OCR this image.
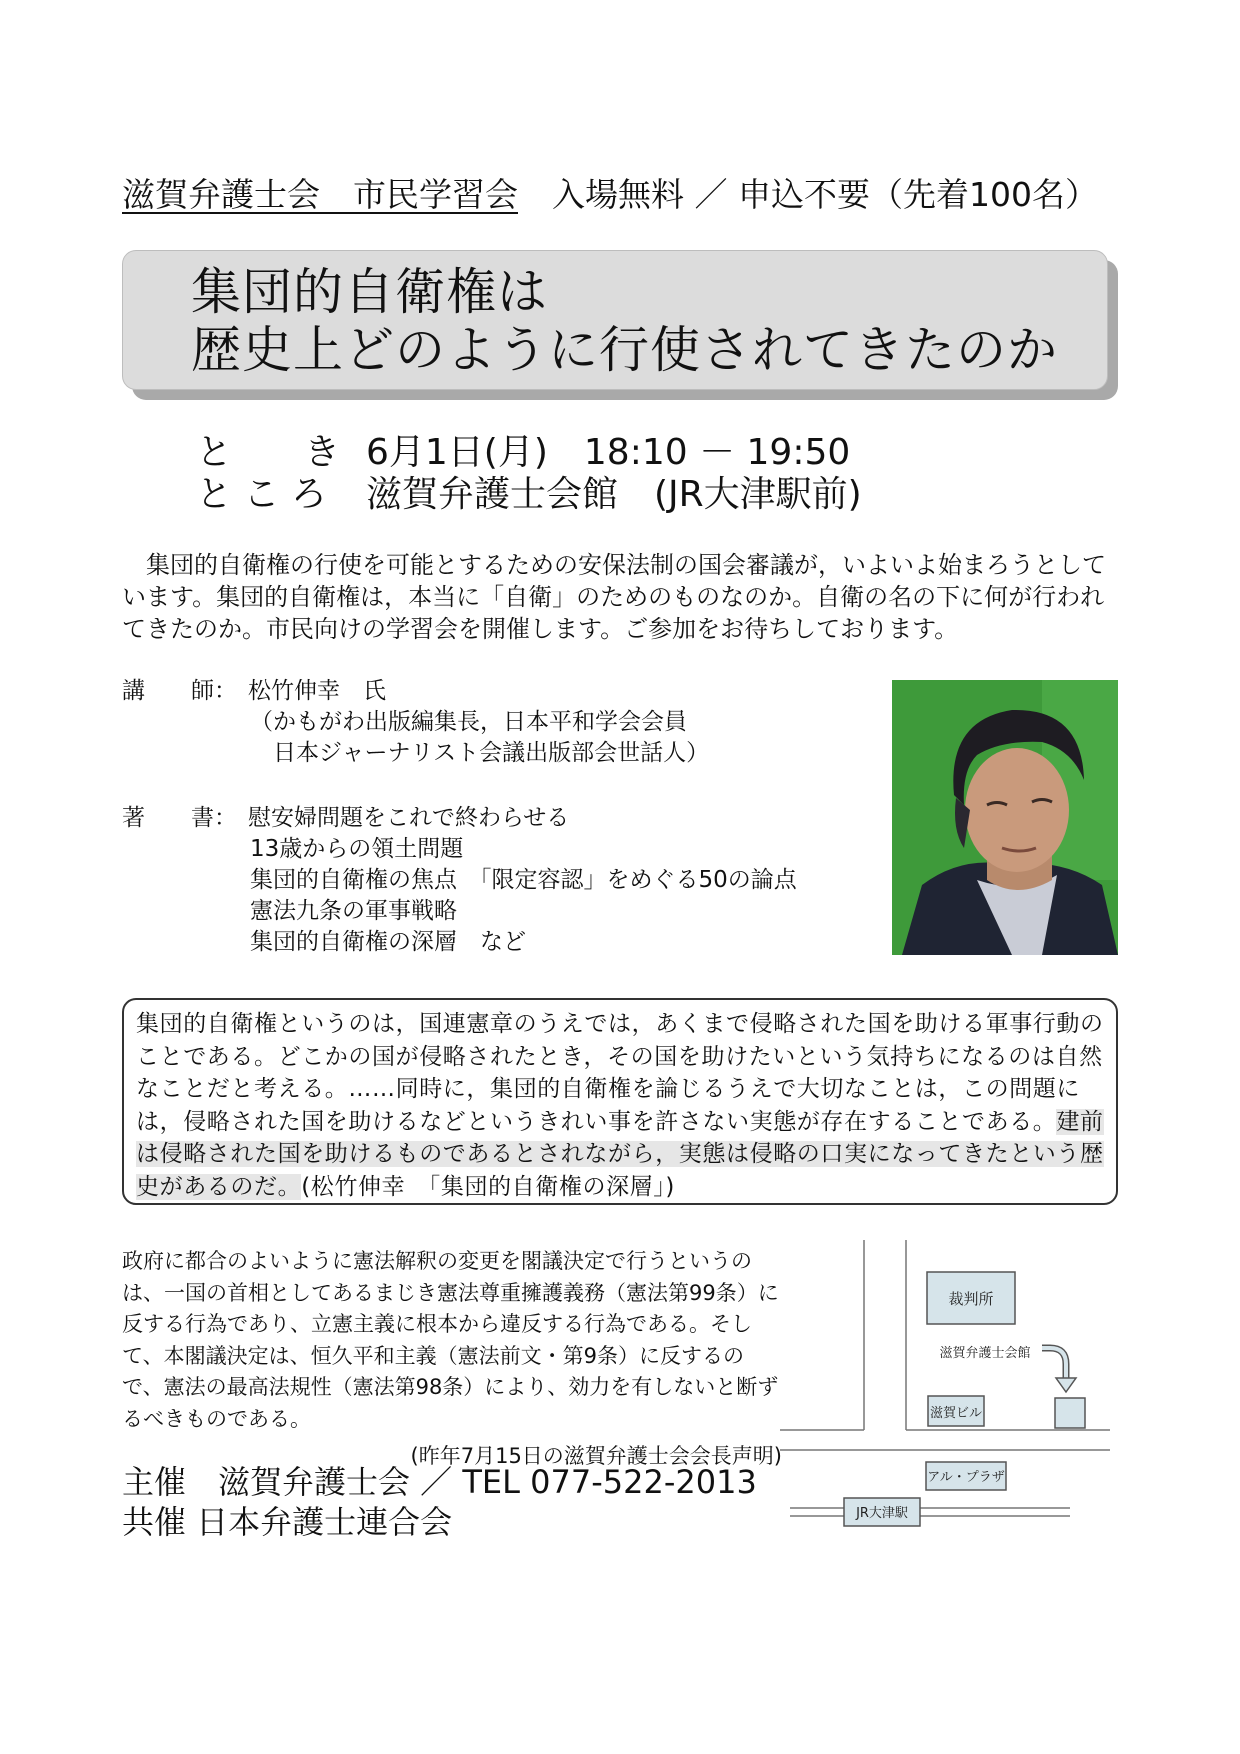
滋賀弁護士会　市民学習会 入場無料 ／ 申込不要（先着100名）
集団的自衛権は
歴史上どのように行使されてきたのか
と　　き 6月1日(月)　18:10 － 19:50
と こ ろ 滋賀弁護士会館　(JR大津駅前)

　集団的自衛権の行使を可能とするための安保法制の国会審議が，いよいよ始まろうとしています。集団的自衛権は，本当に「自衛」のためのものなのか。自衛の名の下に何が行われてきたのか。市民向けの学習会を開催します。ご参加をお待ちしております。

講　　師： 松竹伸幸　氏
（かもがわ出版編集長，日本平和学会会員
　日本ジャーナリスト会議出版部会世話人）
著　　書： 慰安婦問題をこれで終わらせる
13歳からの領土問題
集団的自衛権の焦点　「限定容認」をめぐる50の論点
憲法九条の軍事戦略
集団的自衛権の深層　など

集団的自衛権というのは，国連憲章のうえでは，あくまで侵略された国を助ける軍事行動のことである。どこかの国が侵略されたとき，その国を助けたいという気持ちになるのは自然なことだと考える。……同時に，集団的自衛権を論じるうえで大切なことは，この問題には，侵略された国を助けるなどというきれい事を許さない実態が存在することである。建前は侵略された国を助けるものであるとされながら，実態は侵略の口実になってきたという歴史があるのだ。(松竹伸幸　「集団的自衛権の深層」)

政府に都合のよいように憲法解釈の変更を閣議決定で行うというのは、一国の首相としてあるまじき憲法尊重擁護義務（憲法第99条）に反する行為であり、立憲主義に根本から違反する行為である。そして、本閣議決定は、恒久平和主義（憲法前文・第9条）に反するので、憲法の最高法規性（憲法第98条）により、効力を有しないと断ずるべきものである。

(昨年7月15日の滋賀弁護士会会長声明)

主催　滋賀弁護士会 ／ TEL 077-522-2013
共催 日本弁護士連合会
裁判所
滋賀弁護士会館
滋賀ビル
アル・プラザ
JR大津駅
